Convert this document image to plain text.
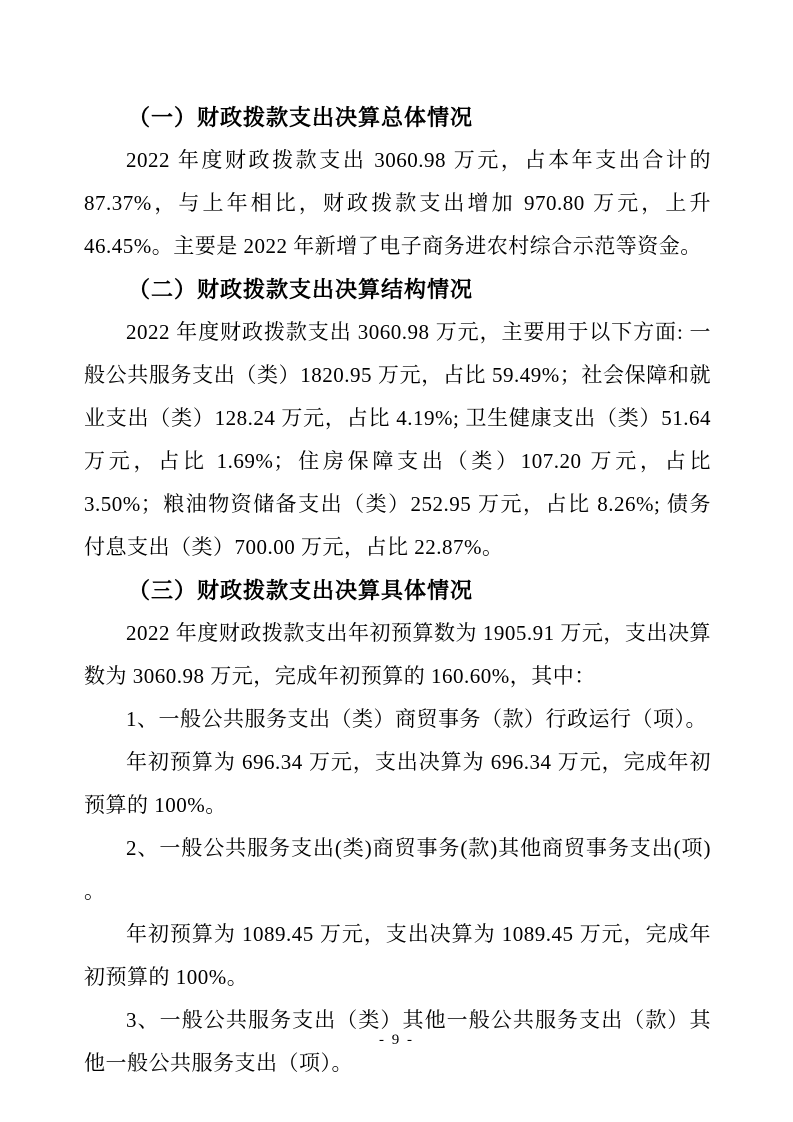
（一）财政拨款支出决算总体情况

2022 年度财政拨款支出 3060.98 万元，占本年支出合计的 87.37%，与上年相比，财政拨款支出增加 970.80 万元，上升 46.45%。主要是 2022 年新增了电子商务进农村综合示范等资金。

（二）财政拨款支出决算结构情况

2022 年度财政拨款支出 3060.98 万元，主要用于以下方面: 一般公共服务支出（类）1820.95 万元，占比 59.49%；社会保障和就业支出（类）128.24 万元，占比 4.19%; 卫生健康支出（类）51.64 万元，占比 1.69%；住房保障支出（类）107.20 万元，占比 3.50%；粮油物资储备支出（类）252.95 万元，占比 8.26%; 债务付息支出（类）700.00 万元，占比 22.87%。

（三）财政拨款支出决算具体情况

2022 年度财政拨款支出年初预算数为 1905.91 万元，支出决算数为 3060.98 万元，完成年初预算的 160.60%，其中：

1、一般公共服务支出（类）商贸事务（款）行政运行（项）。

年初预算为 696.34 万元，支出决算为 696.34 万元，完成年初预算的 100%。

2、一般公共服务支出(类)商贸事务(款)其他商贸事务支出(项) 。

年初预算为 1089.45 万元，支出决算为 1089.45 万元，完成年初预算的 100%。

3、一般公共服务支出（类）其他一般公共服务支出（款）其他一般公共服务支出（项）。

- 9 -
